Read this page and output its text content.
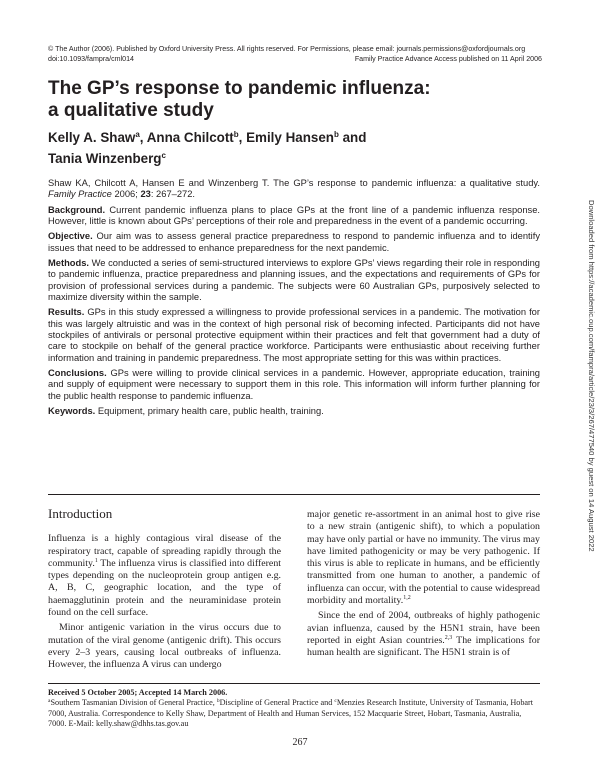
© The Author (2006). Published by Oxford University Press. All rights reserved. For Permissions, please email: journals.permissions@oxfordjournals.org
doi:10.1093/fampra/cml014	Family Practice Advance Access published on 11 April 2006
The GP’s response to pandemic influenza:
a qualitative study
Kelly A. Shaw$^a$, Anna Chilcott$^b$, Emily Hansen$^b$ and
Tania Winzenberg$^c$

Shaw KA, Chilcott A, Hansen E and Winzenberg T. The GP’s response to pandemic influenza: a qualitative study. Family Practice 2006; 23: 267–272.

Background. Current pandemic influenza plans to place GPs at the front line of a pandemic influenza response. However, little is known about GPs’ perceptions of their role and preparedness in the event of a pandemic occurring.

Objective. Our aim was to assess general practice preparedness to respond to pandemic influenza and to identify issues that need to be addressed to enhance preparedness for the next pandemic.

Methods. We conducted a series of semi-structured interviews to explore GPs’ views regarding their role in responding to pandemic influenza, practice preparedness and planning issues, and the expectations and requirements of GPs for provision of professional services during a pandemic. The subjects were 60 Australian GPs, purposively selected to maximize diversity within the sample.

Results. GPs in this study expressed a willingness to provide professional services in a pandemic. The motivation for this was largely altruistic and was in the context of high personal risk of becoming infected. Participants did not have stockpiles of antivirals or personal protective equipment within their practices and felt that government had a duty of care to stockpile on behalf of the general practice workforce. Participants were enthusiastic about receiving further information and training in pandemic preparedness. The most appropriate setting for this was within practices.

Conclusions. GPs were willing to provide clinical services in a pandemic. However, appropriate education, training and supply of equipment were necessary to support them in this role. This information will inform further planning for the public health response to pandemic influenza.

Keywords. Equipment, primary health care, public health, training.

Introduction

Influenza is a highly contagious viral disease of the respiratory tract, capable of spreading rapidly through the community.$^1$ The influenza virus is classified into different types depending on the nucleoprotein group antigen e.g. A, B, C, geographic location, and the type of haemagglutinin protein and the neuraminidase protein found on the cell surface.

Minor antigenic variation in the virus occurs due to mutation of the viral genome (antigenic drift). This occurs every 2–3 years, causing local outbreaks of influenza. However, the influenza A virus can undergo

major genetic re-assortment in an animal host to give rise to a new strain (antigenic shift), to which a population may have only partial or have no immunity. The virus may have limited pathogenicity or may be very pathogenic. If this virus is able to replicate in humans, and be efficiently transmitted from one human to another, a pandemic of influenza can occur, with the potential to cause widespread morbidity and mortality.$^{1,2}$

Since the end of 2004, outbreaks of highly pathogenic avian influenza, caused by the H5N1 strain, have been reported in eight Asian countries.$^{2,3}$ The implications for human health are significant. The H5N1 strain is of

Received 5 October 2005; Accepted 14 March 2006.
$^a$Southern Tasmanian Division of General Practice, $^b$Discipline of General Practice and $^c$Menzies Research Institute, University of Tasmania, Hobart 7000, Australia. Correspondence to Kelly Shaw, Department of Health and Human Services, 152 Macquarie Street, Hobart, Tasmania, Australia, 7000. E-Mail: kelly.shaw@dhhs.tas.gov.au
267
Downloaded from https://academic.oup.com/fampra/article/23/3/267/477540 by guest on 14 August 2022
